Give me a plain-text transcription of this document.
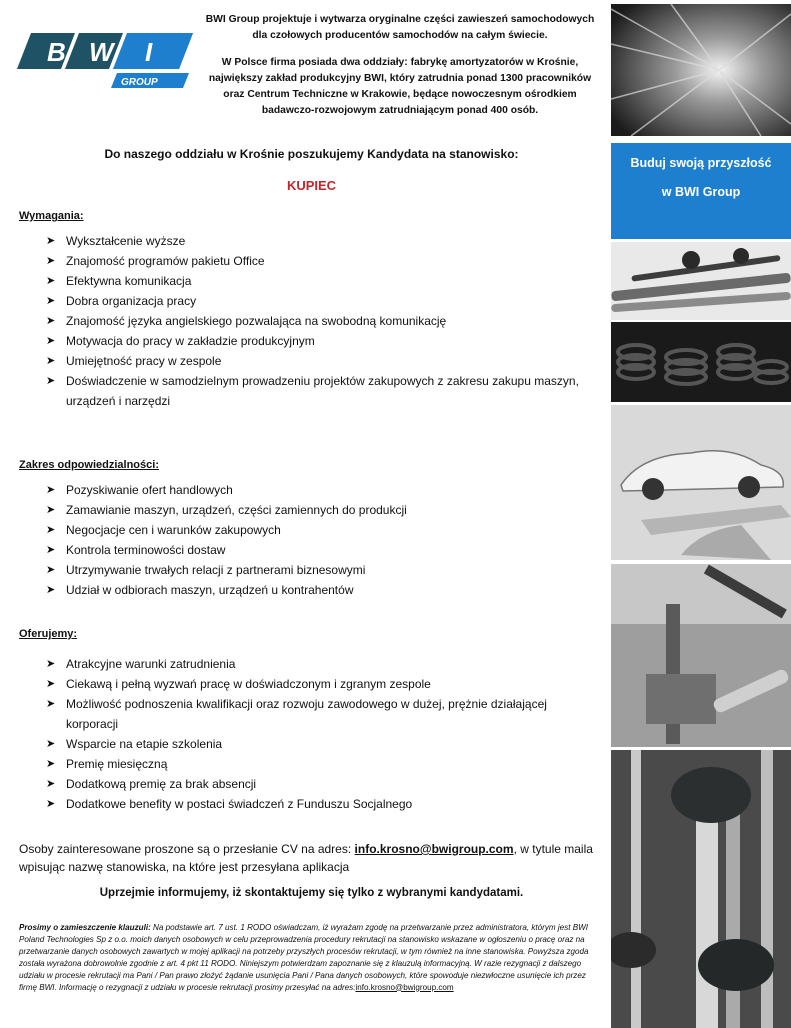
B W I
GROUP

BWI Group projektuje i wytwarza oryginalne części zawieszeń samochodowych dla czołowych producentów samochodów na całym świecie.

W Polsce firma posiada dwa oddziały: fabrykę amortyzatorów w Krośnie, największy zakład produkcyjny BWI, który zatrudnia ponad 1300 pracowników oraz Centrum Techniczne w Krakowie, będące nowoczesnym ośrodkiem badawczo-rozwojowym zatrudniającym ponad 400 osób.

Do naszego oddziału w Krośnie poszukujemy Kandydata na stanowisko:

KUPIEC

Wymagania:

➤ Wykształcenie wyższe
➤ Znajomość programów pakietu Office
➤ Efektywna komunikacja
➤ Dobra organizacja pracy
➤ Znajomość języka angielskiego pozwalająca na swobodną komunikację
➤ Motywacja do pracy w zakładzie produkcyjnym
➤ Umiejętność pracy w zespole
➤ Doświadczenie w samodzielnym prowadzeniu projektów zakupowych z zakresu zakupu maszyn, urządzeń i narzędzi

Zakres odpowiedzialności:

➤ Pozyskiwanie ofert handlowych
➤ Zamawianie maszyn, urządzeń, części zamiennych do produkcji
➤ Negocjacje cen i warunków zakupowych
➤ Kontrola terminowości dostaw
➤ Utrzymywanie trwałych relacji z partnerami biznesowymi
➤ Udział w odbiorach maszyn, urządzeń u kontrahentów

Oferujemy:

➤ Atrakcyjne warunki zatrudnienia
➤ Ciekawą i pełną wyzwań pracę w doświadczonym i zgranym zespole
➤ Możliwość podnoszenia kwalifikacji oraz rozwoju zawodowego w dużej, prężnie działającej korporacji
➤ Wsparcie na etapie szkolenia
➤ Premię miesięczną
➤ Dodatkową premię za brak absencji
➤ Dodatkowe benefity w postaci świadczeń z Funduszu Socjalnego

Osoby zainteresowane proszone są o przesłanie CV na adres: info.krosno@bwigroup.com, w tytule maila wpisując nazwę stanowiska, na które jest przesyłana aplikacja

Uprzejmie informujemy, iż skontaktujemy się tylko z wybranymi kandydatami.

Prosimy o zamieszczenie klauzuli: Na podstawie art. 7 ust. 1 RODO oświadczam, iż wyrażam zgodę na przetwarzanie przez administratora, którym jest BWI Poland Technologies Sp z o.o. moich danych osobowych w celu przeprowadzenia procedury rekrutacji na stanowisko wskazane w ogłoszeniu o pracę oraz na przetwarzanie danych osobowych zawartych w mojej aplikacji na potrzeby przyszłych procesów rekrutacji, w tym również na inne stanowiska. Powyższa zgoda została wyrażona dobrowolnie zgodnie z art. 4 pkt 11 RODO. Niniejszym potwierdzam zapoznanie się z klauzulą informacyjną. W razie rezygnacji z dalszego udziału w procesie rekrutacji ma Pani / Pan prawo złożyć żądanie usunięcia Pani / Pana danych osobowych, które spowoduje niezwłoczne usunięcie ich przez firmę BWI. Informację o rezygnacji z udziału w procesie rekrutacji prosimy przesyłać na adres:info.krosno@bwigroup.com

Buduj swoją przyszłość
w BWI Group
